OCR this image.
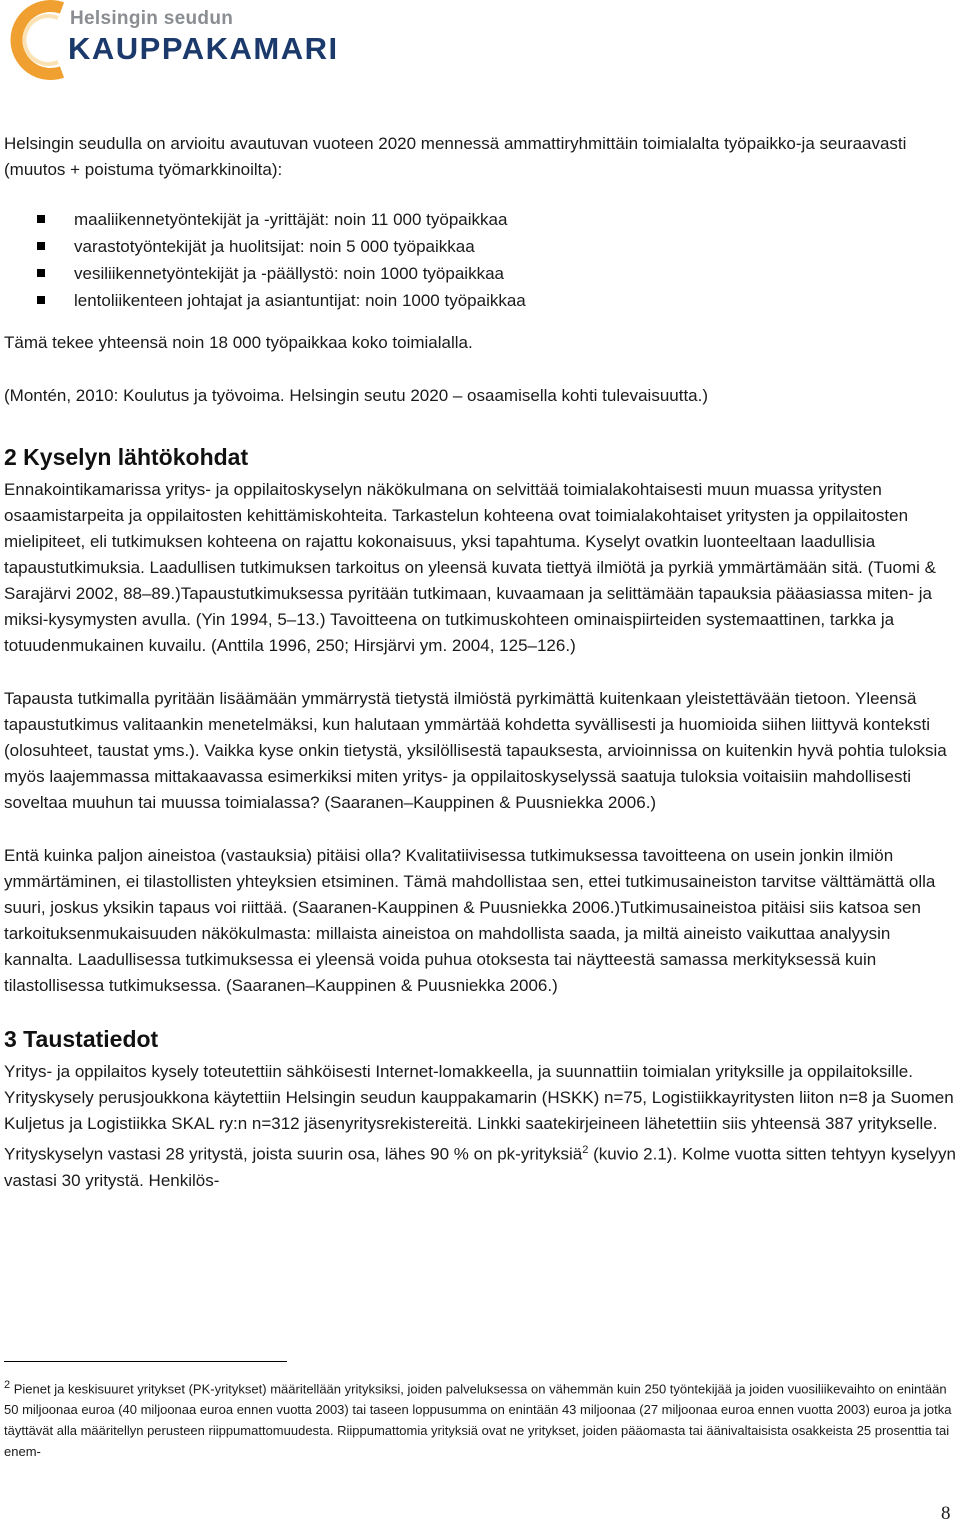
Helsingin seudun
KAUPPAKAMARI

Helsingin seudulla on arvioitu avautuvan vuoteen 2020 mennessä ammattiryhmittäin toimialalta työpaikko-ja seuraavasti (muutos + poistuma työmarkkinoilta):

maaliikennetyöntekijät ja -yrittäjät: noin 11 000 työpaikkaa
varastotyöntekijät ja huolitsijat: noin 5 000 työpaikkaa
vesiliikennetyöntekijät ja -päällystö: noin 1000 työpaikkaa
lentoliikenteen johtajat ja asiantuntijat: noin 1000 työpaikkaa

Tämä tekee yhteensä noin 18 000 työpaikkaa koko toimialalla.

(Montén, 2010: Koulutus ja työvoima. Helsingin seutu 2020 – osaamisella kohti tulevaisuutta.)

2 Kyselyn lähtökohdat

Ennakointikamarissa yritys- ja oppilaitoskyselyn näkökulmana on selvittää toimialakohtaisesti muun muassa yritysten osaamistarpeita ja oppilaitosten kehittämiskohteita. Tarkastelun kohteena ovat toimialakohtaiset yritysten ja oppilaitosten mielipiteet, eli tutkimuksen kohteena on rajattu kokonaisuus, yksi tapahtuma. Kyselyt ovatkin luonteeltaan laadullisia tapaustutkimuksia. Laadullisen tutkimuksen tarkoitus on yleensä kuvata tiettyä ilmiötä ja pyrkiä ymmärtämään sitä. (Tuomi & Sarajärvi 2002, 88–89.)Tapaustutkimuksessa pyritään tutkimaan, kuvaamaan ja selittämään tapauksia pääasiassa miten- ja miksi-kysymysten avulla. (Yin 1994, 5–13.) Tavoitteena on tutkimuskohteen ominaispiirteiden systemaattinen, tarkka ja totuudenmukainen kuvailu. (Anttila 1996, 250; Hirsjärvi ym. 2004, 125–126.)

Tapausta tutkimalla pyritään lisäämään ymmärrystä tietystä ilmiöstä pyrkimättä kuitenkaan yleistettävään tietoon. Yleensä tapaustutkimus valitaankin menetelmäksi, kun halutaan ymmärtää kohdetta syvällisesti ja huomioida siihen liittyvä konteksti (olosuhteet, taustat yms.). Vaikka kyse onkin tietystä, yksilöllisestä tapauksesta, arvioinnissa on kuitenkin hyvä pohtia tuloksia myös laajemmassa mittakaavassa esimerkiksi miten yritys- ja oppilaitoskyselyssä saatuja tuloksia voitaisiin mahdollisesti soveltaa muuhun tai muussa toimialassa? (Saaranen–Kauppinen & Puusniekka 2006.)

Entä kuinka paljon aineistoa (vastauksia) pitäisi olla? Kvalitatiivisessa tutkimuksessa tavoitteena on usein jonkin ilmiön ymmärtäminen, ei tilastollisten yhteyksien etsiminen. Tämä mahdollistaa sen, ettei tutkimusaineiston tarvitse välttämättä olla suuri, joskus yksikin tapaus voi riittää. (Saaranen-Kauppinen & Puusniekka 2006.)Tutkimusaineistoa pitäisi siis katsoa sen tarkoituksenmukaisuuden näkökulmasta: millaista aineistoa on mahdollista saada, ja miltä aineisto vaikuttaa analyysin kannalta. Laadullisessa tutkimuksessa ei yleensä voida puhua otoksesta tai näytteestä samassa merkityksessä kuin tilastollisessa tutkimuksessa. (Saaranen–Kauppinen & Puusniekka 2006.)

3 Taustatiedot

Yritys- ja oppilaitos kysely toteutettiin sähköisesti Internet-lomakkeella, ja suunnattiin toimialan yrityksille ja oppilaitoksille. Yrityskysely perusjoukkona käytettiin Helsingin seudun kauppakamarin (HSKK) n=75, Logistiikkayritysten liiton n=8 ja Suomen Kuljetus ja Logistiikka SKAL ry:n n=312 jäsenyritysrekistereitä. Linkki saatekirjeineen lähetettiin siis yhteensä 387 yritykselle. Yrityskyselyn vastasi 28 yritystä, joista suurin osa, lähes 90 % on pk-yrityksiä$^2$ (kuvio 2.1). Kolme vuotta sitten tehtyyn kyselyyn vastasi 30 yritystä. Henkilös-

$^2$ Pienet ja keskisuuret yritykset (PK-yritykset) määritellään yrityksiksi, joiden palveluksessa on vähemmän kuin 250 työntekijää ja joiden vuosiliikevaihto on enintään 50 miljoonaa euroa (40 miljoonaa euroa ennen vuotta 2003) tai taseen loppusumma on enintään 43 miljoonaa (27 miljoonaa euroa ennen vuotta 2003) euroa ja jotka täyttävät alla määritellyn perusteen riippumattomuudesta. Riippumattomia yrityksiä ovat ne yritykset, joiden pääomasta tai äänivaltaisista osakkeista 25 prosenttia tai enem-
8
